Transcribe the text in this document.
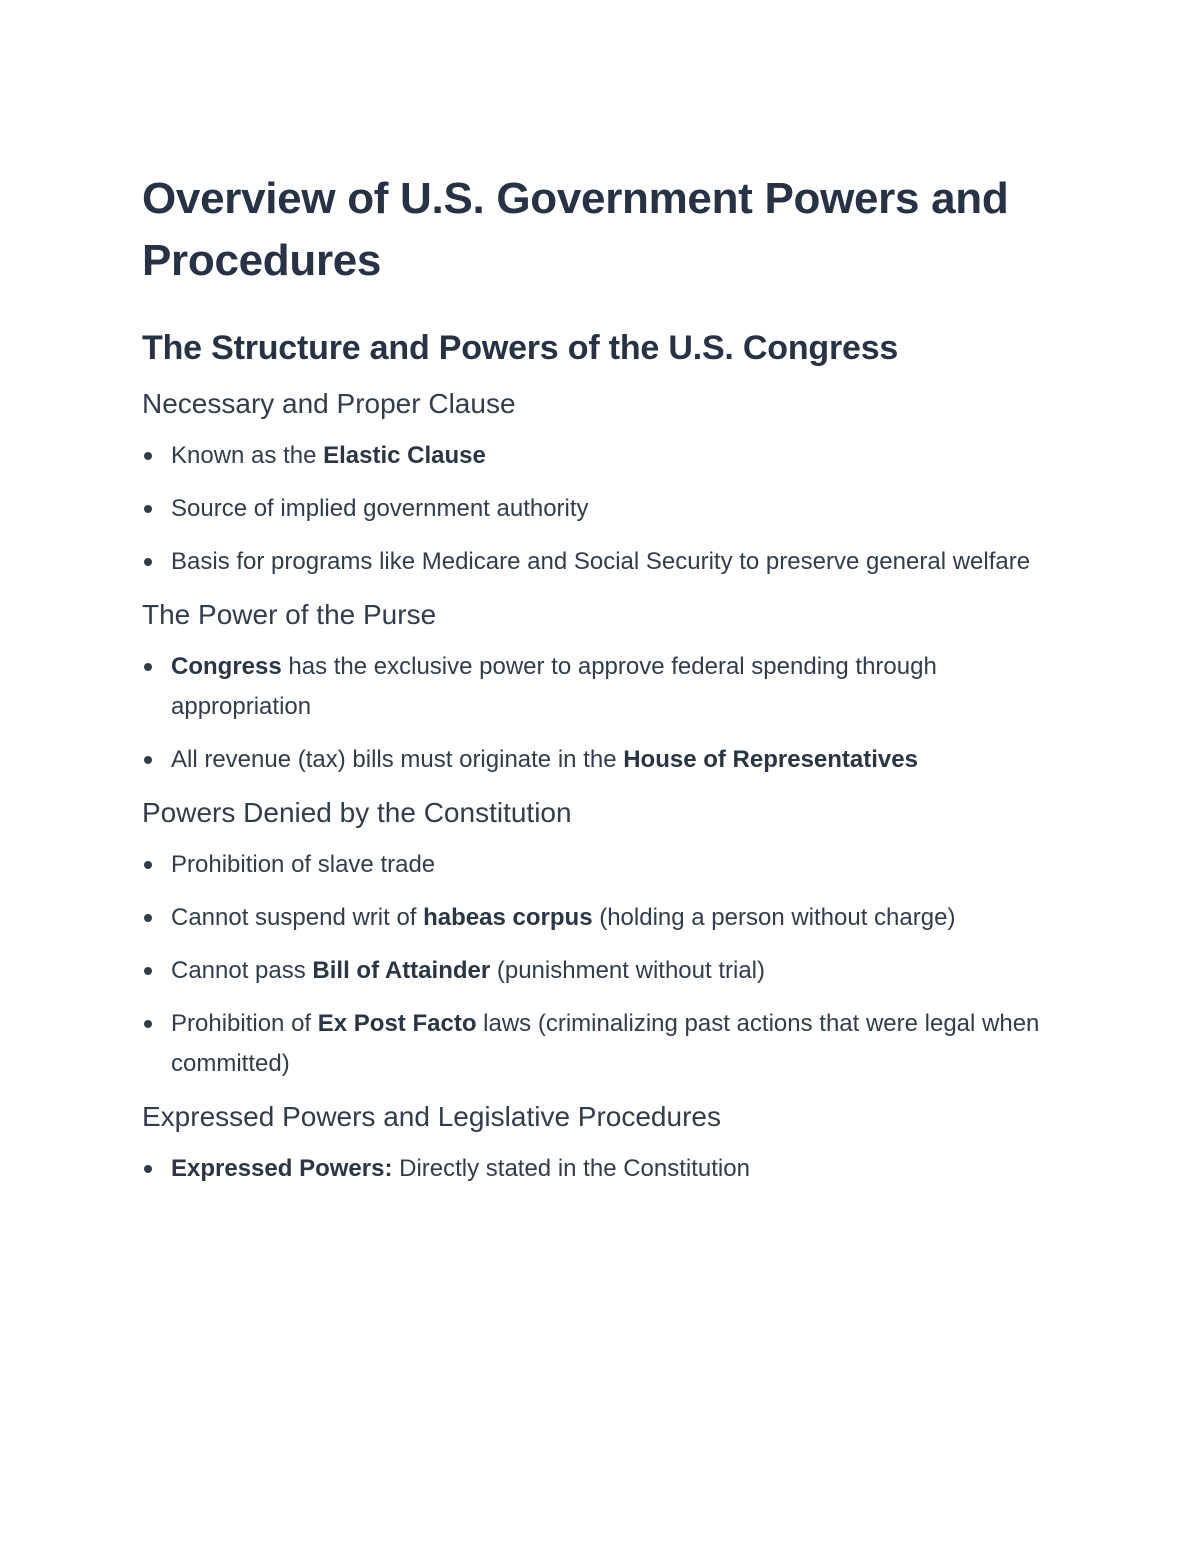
Overview of U.S. Government Powers and Procedures
The Structure and Powers of the U.S. Congress
Necessary and Proper Clause
Known as the Elastic Clause
Source of implied government authority
Basis for programs like Medicare and Social Security to preserve general welfare
The Power of the Purse
Congress has the exclusive power to approve federal spending through appropriation
All revenue (tax) bills must originate in the House of Representatives
Powers Denied by the Constitution
Prohibition of slave trade
Cannot suspend writ of habeas corpus (holding a person without charge)
Cannot pass Bill of Attainder (punishment without trial)
Prohibition of Ex Post Facto laws (criminalizing past actions that were legal when committed)
Expressed Powers and Legislative Procedures
Expressed Powers: Directly stated in the Constitution
